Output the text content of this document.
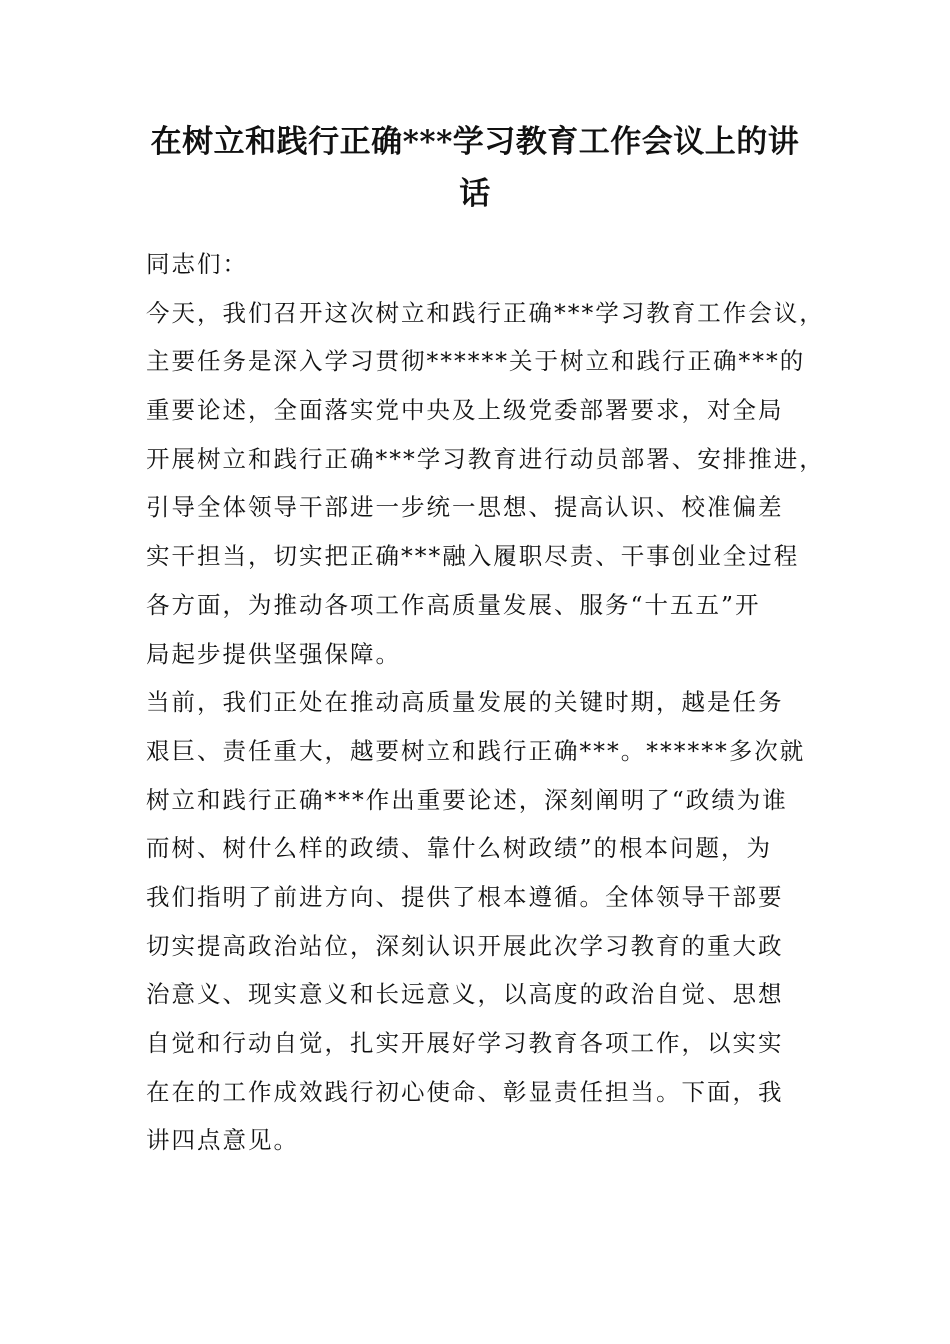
在树立和践行正确***学习教育工作会议上的讲
话
同志们：
今天，我们召开这次树立和践行正确***学习教育工作会议，
主要任务是深入学习贯彻******关于树立和践行正确***的
重要论述，全面落实党中央及上级党委部署要求，对全局
开展树立和践行正确***学习教育进行动员部署、安排推进，
引导全体领导干部进一步统一思想、提高认识、校准偏差
实干担当，切实把正确***融入履职尽责、干事创业全过程
各方面，为推动各项工作高质量发展、服务“十五五”开
局起步提供坚强保障。
当前，我们正处在推动高质量发展的关键时期，越是任务
艰巨、责任重大，越要树立和践行正确***。******多次就
树立和践行正确***作出重要论述，深刻阐明了“政绩为谁
而树、树什么样的政绩、靠什么树政绩”的根本问题，为
我们指明了前进方向、提供了根本遵循。全体领导干部要
切实提高政治站位，深刻认识开展此次学习教育的重大政
治意义、现实意义和长远意义，以高度的政治自觉、思想
自觉和行动自觉，扎实开展好学习教育各项工作，以实实
在在的工作成效践行初心使命、彰显责任担当。下面，我
讲四点意见。
